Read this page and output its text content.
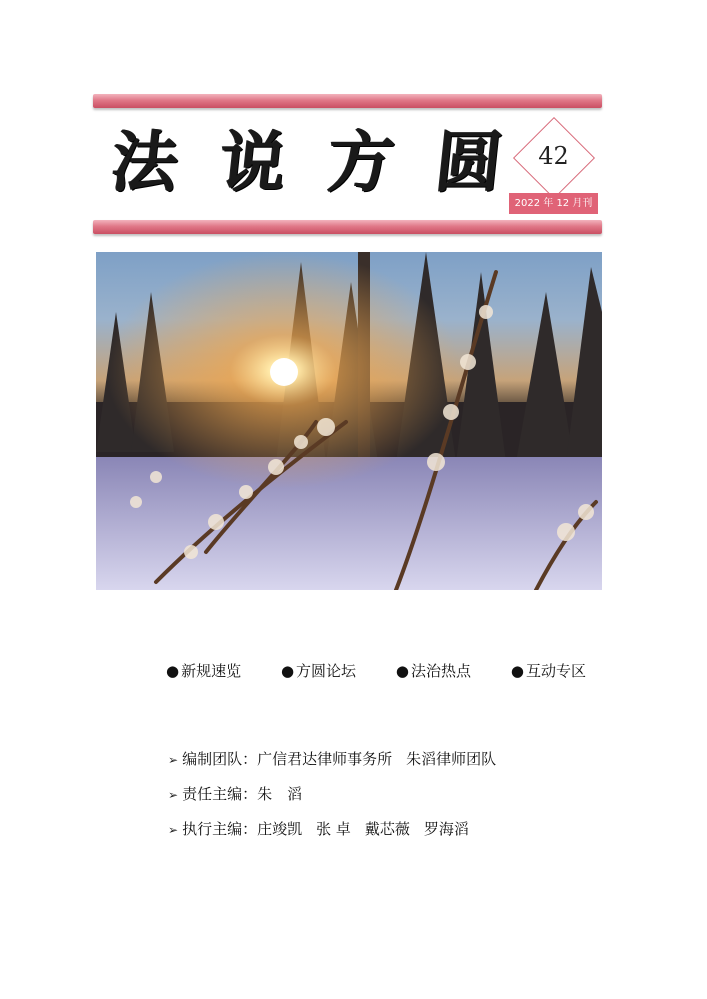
法 说 方 圆	42
2022 年 12 月刊
● 新规速览	● 方圆论坛	● 法治热点	● 互动专区
➢ 编制团队：广信君达律师事务所 朱滔律师团队
➢ 责任主编：朱　滔
➢ 执行主编：庄竣凯 张 卓 戴芯薇 罗海滔
